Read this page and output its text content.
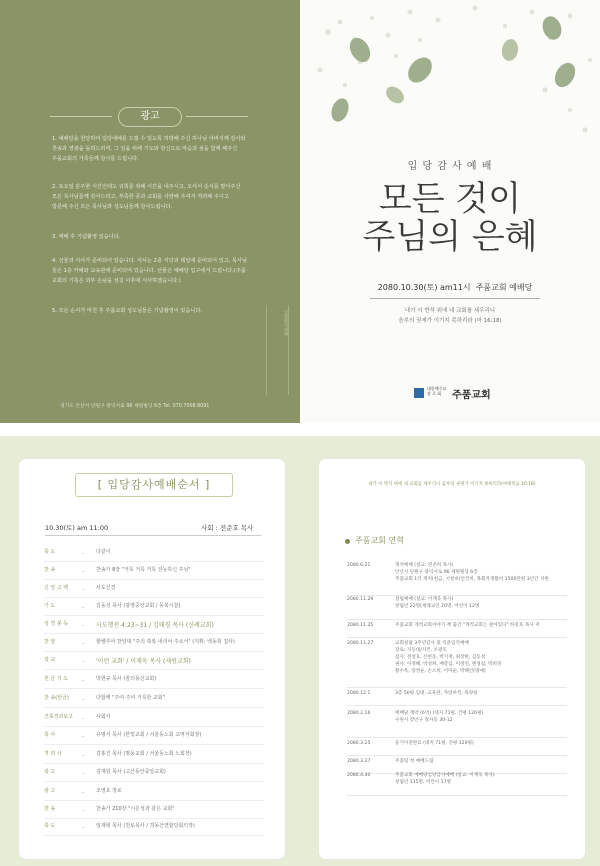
광고
1. 예배당을 헌당하여 입당예배를 드릴 수 있도록 허락해 주신 하나님 아버지께 감사와
찬송과 영광을 돌려드리며, 그 일을 위해 기도와 헌신으로 마음과 섬을 함께 해주신
주품교회의 가족들께 감사를 드립니다.
2. 토요일 분주한 시간인데도 귀희를 위해 시간을 내주시고, 오셔서 순서를 맡아주신
모든 목사님들께 감사드리고, 부족한 종과 교회를 사랑해 주셔서 격려해 주시고
방문해 주신 모든 목사님과 성도님들께 감사드립니다.
3. 예배 후 기념촬영 있습니다.
4. 선물과 식사가 준비되어 있습니다. 식사는 2층 식당과 테일에 준비되어 있고, 목사님
들은 1층 카페와 교육관에 준비되어 있습니다. 선물은 예배당 입구에서 드립니다.(주품
교회의 기록은 외부 손님을 섬김 이후에 식사하겠습니다.)
5. 모든 순서가 마친 후 주품교회 성도님들은 기념촬영이 있습니다.	입당감사예배
경기도 안산시 단원구 광덕서로 96 세원빌딩 6층 Tel. 070.7008.8091
입 당 감 사 예 배
모든 것이
주님의 은혜
2080.10.30(토) am11시 주품교회 예배당
내가 이 반석 위에 내 교회를 세우리니
음부의 권세가 이기지 못하리라 (마 16:18)
대한예수교
장 로 회	주품교회
[ 입당감사예배순서 ]
10.30(토) am 11:00	사회 : 전준호 목사
묵 도	_	다같이
찬 송	_	찬송가 8장 "거룩 거룩 거룩 전능하신 주님"
신 앙 고 백	_	사도신경
기 도	_	김동성 목사 (광명중앙교회 / 동북시찰)
성 경 봉 독	_	사도행전 4:23~31 / 김태경 목사 (신례교회)
찬 양	_	할렐루야 찬양대 "주의 축복 내리어 주소서" (지휘: 백동희 집사)
설 교	_	'이런 교회' / 이재욱 목사 (세원교회)
헌 금 기 도	_	박현규 목사 (꿈의동산교회)
찬 송(헌금)	_	다함께 "주여 주여 거룩한 교회"
건축경과보고	_	사회자
축 사	_	유병서 목사 (한빛교회 / 서울동노회 교역자회장)
격 려 사	_	김홍진 목사 (명동교회 / 서울동노회 노회장)
광 고	_	김재원 목사 (고산동안중앙교회)
광 고	_	조영호 장로
찬 송	_	찬송가 210장 "시온성과 같은 교회"
축 도	_	임재혁 목사 (원로목사 / 경동산연합당회의장)
내가 이 반석 위에 내 교회를 세우리니 음부의 권세가 이기지 못하리라(마태복음 16:18)
주품교회 연혁
2080.6.21	개척예배 (설교: 전준희 목사)
안산시 단원구 광덕서로 96 세원빌딩 6층
주품교회 1억 개척(헌금, 시설비/인건비, 목회자생활비 1500만원 3년간 지원
2080.11.29	설립예배 (설교: 이재욱 목사)
창립년 22명(세례교인 20명, 어린이 12명
2080.11.25	주품교회 개척교회이야기 책 출간 "개척교회는 살아있다" 한중호 목사 저
2080.11.27	교회설립 3주년감사 및 직분임직예배
장로: 지동대/지건, 조광호
집사: 전성호, 신현동, 박기정, 최장한, 김동성
권사: 이정혜, 박성희, 배봉임, 이정연, 변경섭, 박희경
황수옥, 장영순, 손소희, 이미순, 박혜인(명예)
2080.12.1	3층 50평 임대, 교육관, 자랑루씩, 목양실
2080.2.16	예배당 계약 (6억) (대지 71평, 건평 120평)
수원시 장안구 정자동 30-12
2080.3.25	등기이전완료 (대지 71평, 건평 120평)
2080.3.27	주품팀 첫 예배드림
2080.4.30	주품교회 예배당입당감사예배 (설교: 이재욱 목사)
창립년 115명, 어린이 17명
